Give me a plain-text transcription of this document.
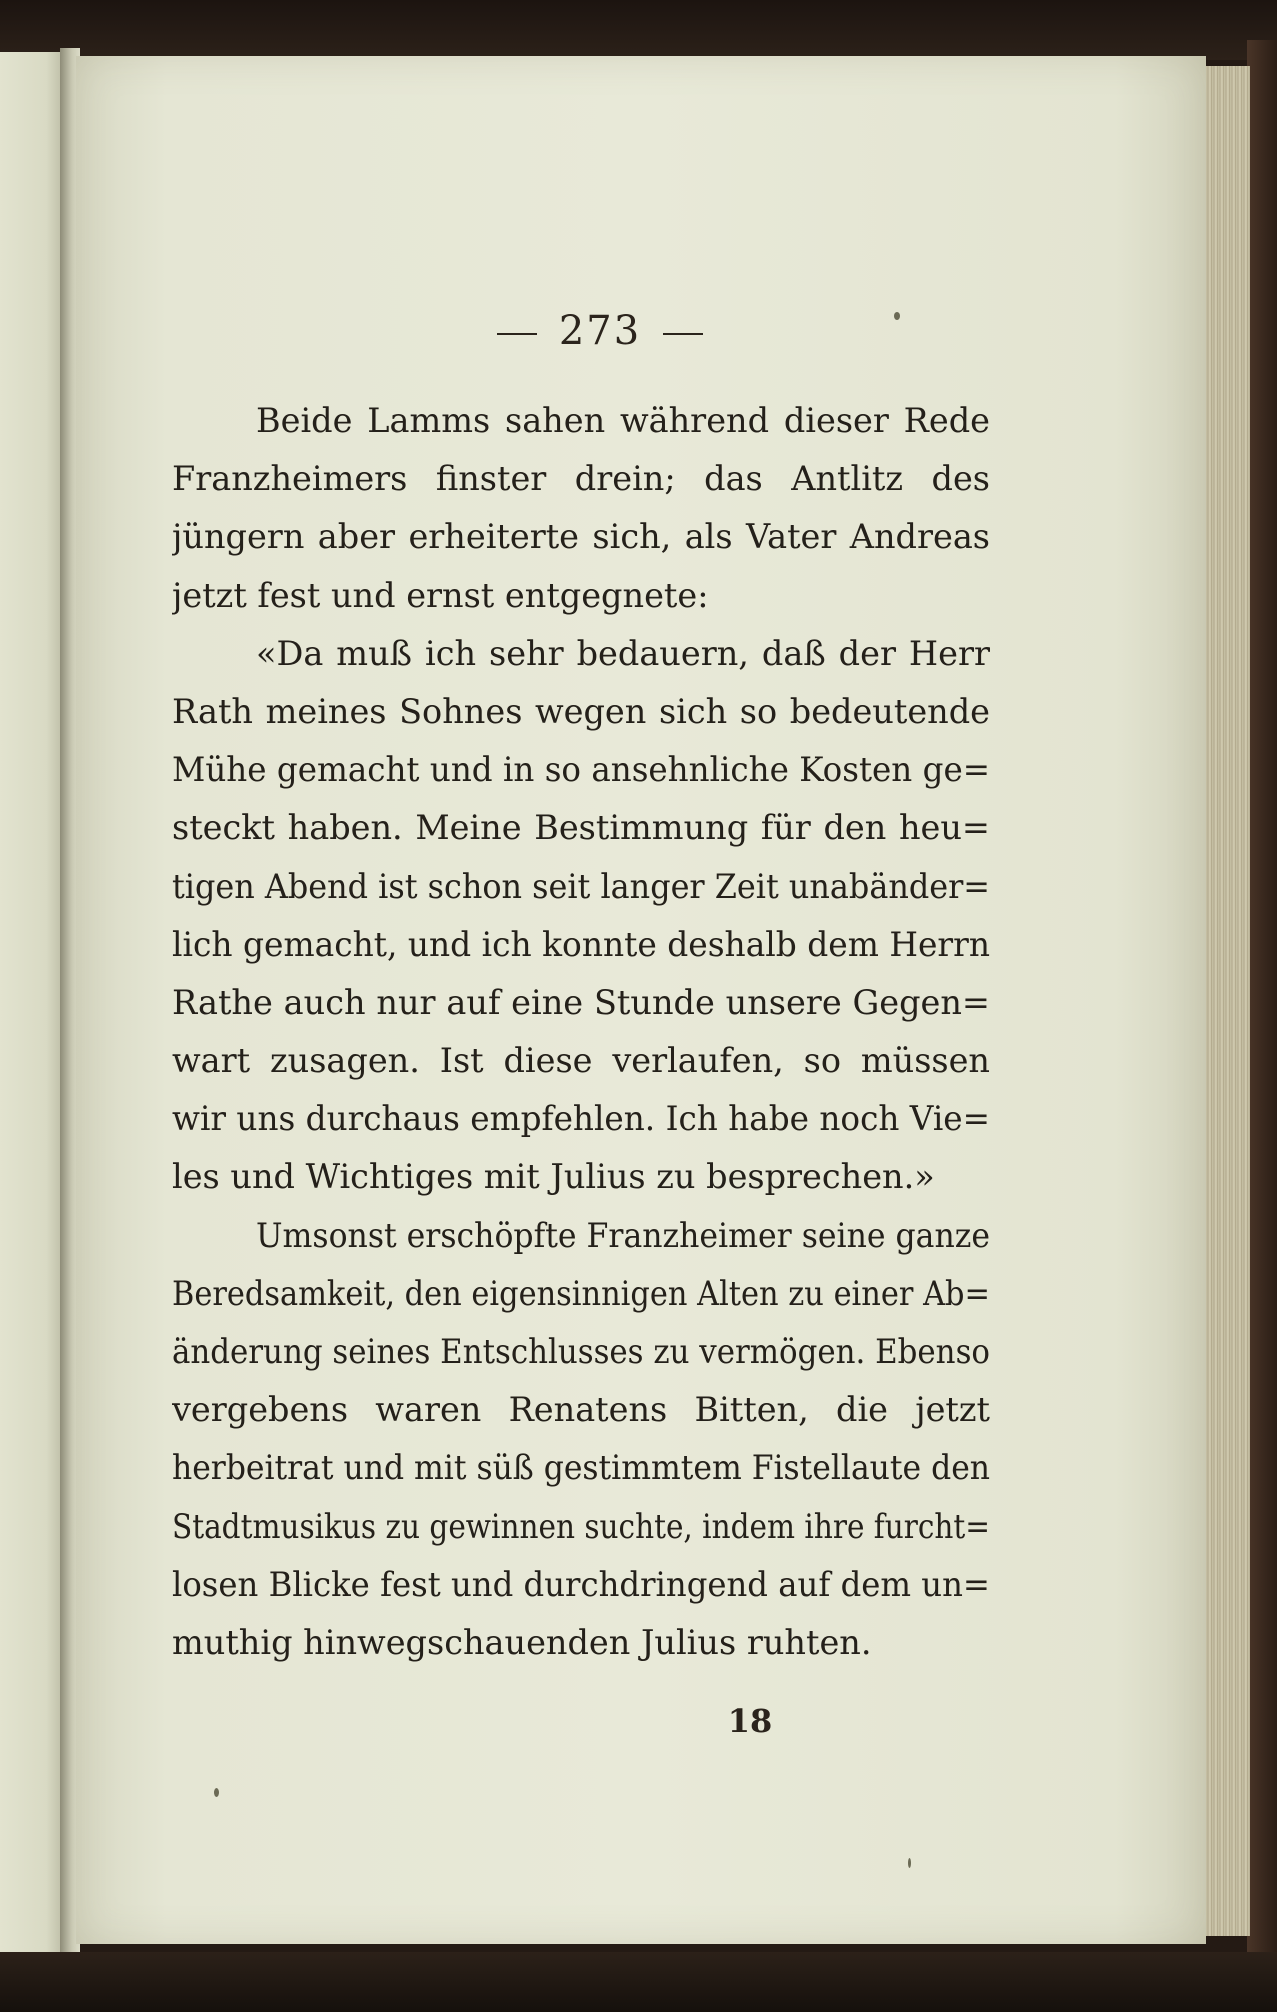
273
Beide Lamms sahen während dieser Rede
Franzheimers finster drein; das Antlitz des
jüngern aber erheiterte sich, als Vater Andreas
jetzt fest und ernst entgegnete:
«Da muß ich sehr bedauern, daß der Herr
Rath meines Sohnes wegen sich so bedeutende
Mühe gemacht und in so ansehnliche Kosten ge=
steckt haben. Meine Bestimmung für den heu=
tigen Abend ist schon seit langer Zeit unabänder=
lich gemacht, und ich konnte deshalb dem Herrn
Rathe auch nur auf eine Stunde unsere Gegen=
wart zusagen. Ist diese verlaufen, so müssen
wir uns durchaus empfehlen. Ich habe noch Vie=
les und Wichtiges mit Julius zu besprechen.»
Umsonst erschöpfte Franzheimer seine ganze
Beredsamkeit, den eigensinnigen Alten zu einer Ab=
änderung seines Entschlusses zu vermögen. Ebenso
vergebens waren Renatens Bitten, die jetzt
herbeitrat und mit süß gestimmtem Fistellaute den
Stadtmusikus zu gewinnen suchte, indem ihre furcht=
losen Blicke fest und durchdringend auf dem un=
muthig hinwegschauenden Julius ruhten.
18
